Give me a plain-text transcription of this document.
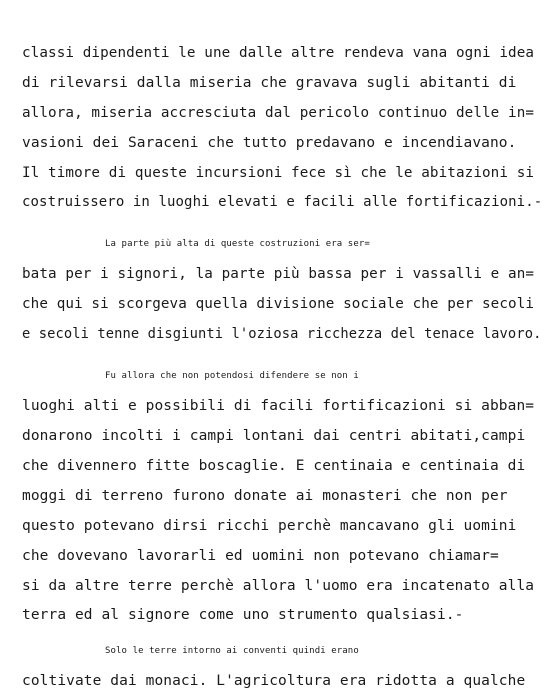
classi dipendenti le une dalle altre rendeva vana ogni idea
di rilevarsi dalla miseria che gravava sugli abitanti di
allora, miseria accresciuta dal pericolo continuo delle in=
vasioni dei Saraceni che tutto predavano e incendiavano.
Il timore di queste incursioni fece sì che le abitazioni si
costruissero in luoghi elevati e facili alle fortificazioni.-
La parte più alta di queste costruzioni era ser=
bata per i signori, la parte più bassa per i vassalli e an=
che qui si scorgeva quella divisione sociale che per secoli
e secoli tenne disgiunti l'oziosa ricchezza del tenace lavoro.
Fu allora che non potendosi difendere se non i
luoghi alti e possibili di facili fortificazioni si abban=
donarono incolti i campi lontani dai centri abitati,campi
che divennero fitte boscaglie. E centinaia e centinaia di
moggi di terreno furono donate ai monasteri che non per
questo potevano dirsi ricchi perchè mancavano gli uomini
che dovevano lavorarli ed uomini non potevano chiamar=
si da altre terre perchè allora l'uomo era incatenato alla
terra ed al signore come uno strumento qualsiasi.-
Solo le terre intorno ai conventi quindi erano
coltivate dai monaci. L'agricoltura era ridotta a qualche
